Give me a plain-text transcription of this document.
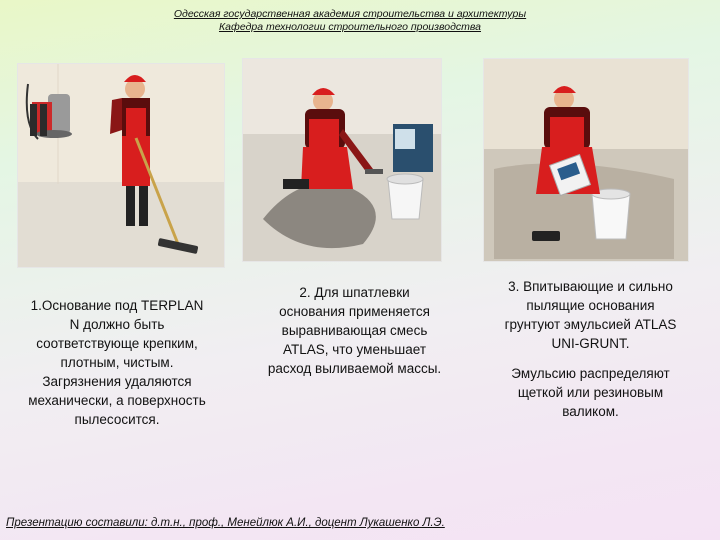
Одесская государственная академия строительства и архитектуры
Кафедра технологии строительного производства
1.Основание под TERPLAN
N должно быть
соответствующе крепким,
плотным, чистым.
Загрязнения удаляются
механически, а поверхность
пылесосится.
2. Для шпатлевки
основания применяется
выравнивающая смесь
ATLAS, что уменьшает
расход выливаемой массы.
3. Впитывающие и сильно
пылящие основания
грунтуют эмульсией ATLAS
UNI-GRUNT.
Эмульсию распределяют
щеткой или резиновым
валиком.
Презентацию составили: д.т.н., проф., Менейлюк А.И., доцент Лукашенко Л.Э.
